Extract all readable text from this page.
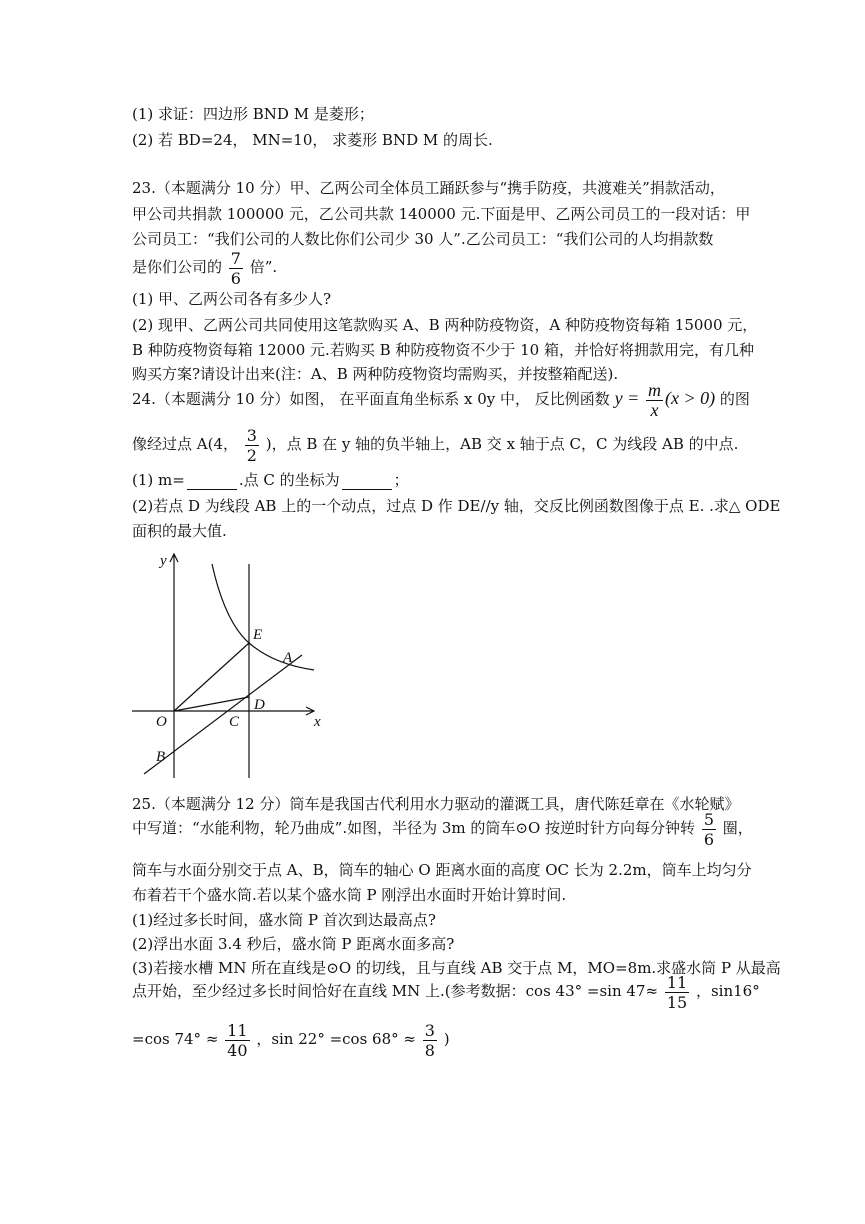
(1) 求证：四边形 BND M 是菱形；
(2) 若 BD=24， MN=10， 求菱形 BND M 的周长.
23.（本题满分 10 分）甲、乙两公司全体员工踊跃参与“携手防疫，共渡难关”捐款活动，
甲公司共捐款 100000 元，乙公司共款 140000 元.下面是甲、乙两公司员工的一段对话：甲
公司员工：“我们公司的人数比你们公司少 30 人”.乙公司员工：“我们公司的人均捐款数
是你们公司的 $\frac{7}{6}$ 倍”.
(1) 甲、乙两公司各有多少人?
(2) 现甲、乙两公司共同使用这笔款购买 A、B 两种防疫物资，A 种防疫物资每箱 15000 元，
B 种防疫物资每箱 12000 元.若购买 B 种防疫物资不少于 10 箱，并恰好将拥款用完，有几种
购买方案?请设计出来(注：A、B 两种防疫物资均需购买，并按整箱配送).
24.（本题满分 10 分）如图， 在平面直角坐标系 x 0y 中， 反比例函数 $y = \frac{m}{x} (x > 0)$ 的图
像经过点 A(4， $\frac{3}{2}$ )，点 B 在 y 轴的负半轴上，AB 交 x 轴于点 C，C 为线段 AB 的中点.
(1) m=	.点 C 的坐标为	；
(2)若点 D 为线段 AB 上的一个动点，过点 D 作 DE//y 轴，交反比例函数图像于点 E. .求△ ODE
面积的最大值.
y
x
O	C
D
E
A
B
25.（本题满分 12 分）筒车是我国古代利用水力驱动的灌溉工具，唐代陈廷章在《水轮赋》
中写道：“水能利物，轮乃曲成”.如图，半径为 3m 的筒车⊙O 按逆时针方向每分钟转 $\frac{5}{6}$ 圈，
筒车与水面分别交于点 A、B，筒车的轴心 O 距离水面的高度 OC 长为 2.2m，筒车上均匀分
布着若干个盛水筒.若以某个盛水筒 P 刚浮出水面时开始计算时间.
(1)经过多长时间，盛水筒 P 首次到达最高点?
(2)浮出水面 3.4 秒后，盛水筒 P 距离水面多高?
(3)若接水槽 MN 所在直线是⊙O 的切线，且与直线 AB 交于点 M，MO=8m.求盛水筒 P 从最高
点开始，至少经过多长时间恰好在直线 MN 上.(参考数据：cos 43° =sin $47\approx \frac{11}{15}$ ，sin16°
=cos $74^\circ \approx \frac{11}{40}$ ，sin 22° =cos $68^\circ \approx \frac{3}{8}$ )
